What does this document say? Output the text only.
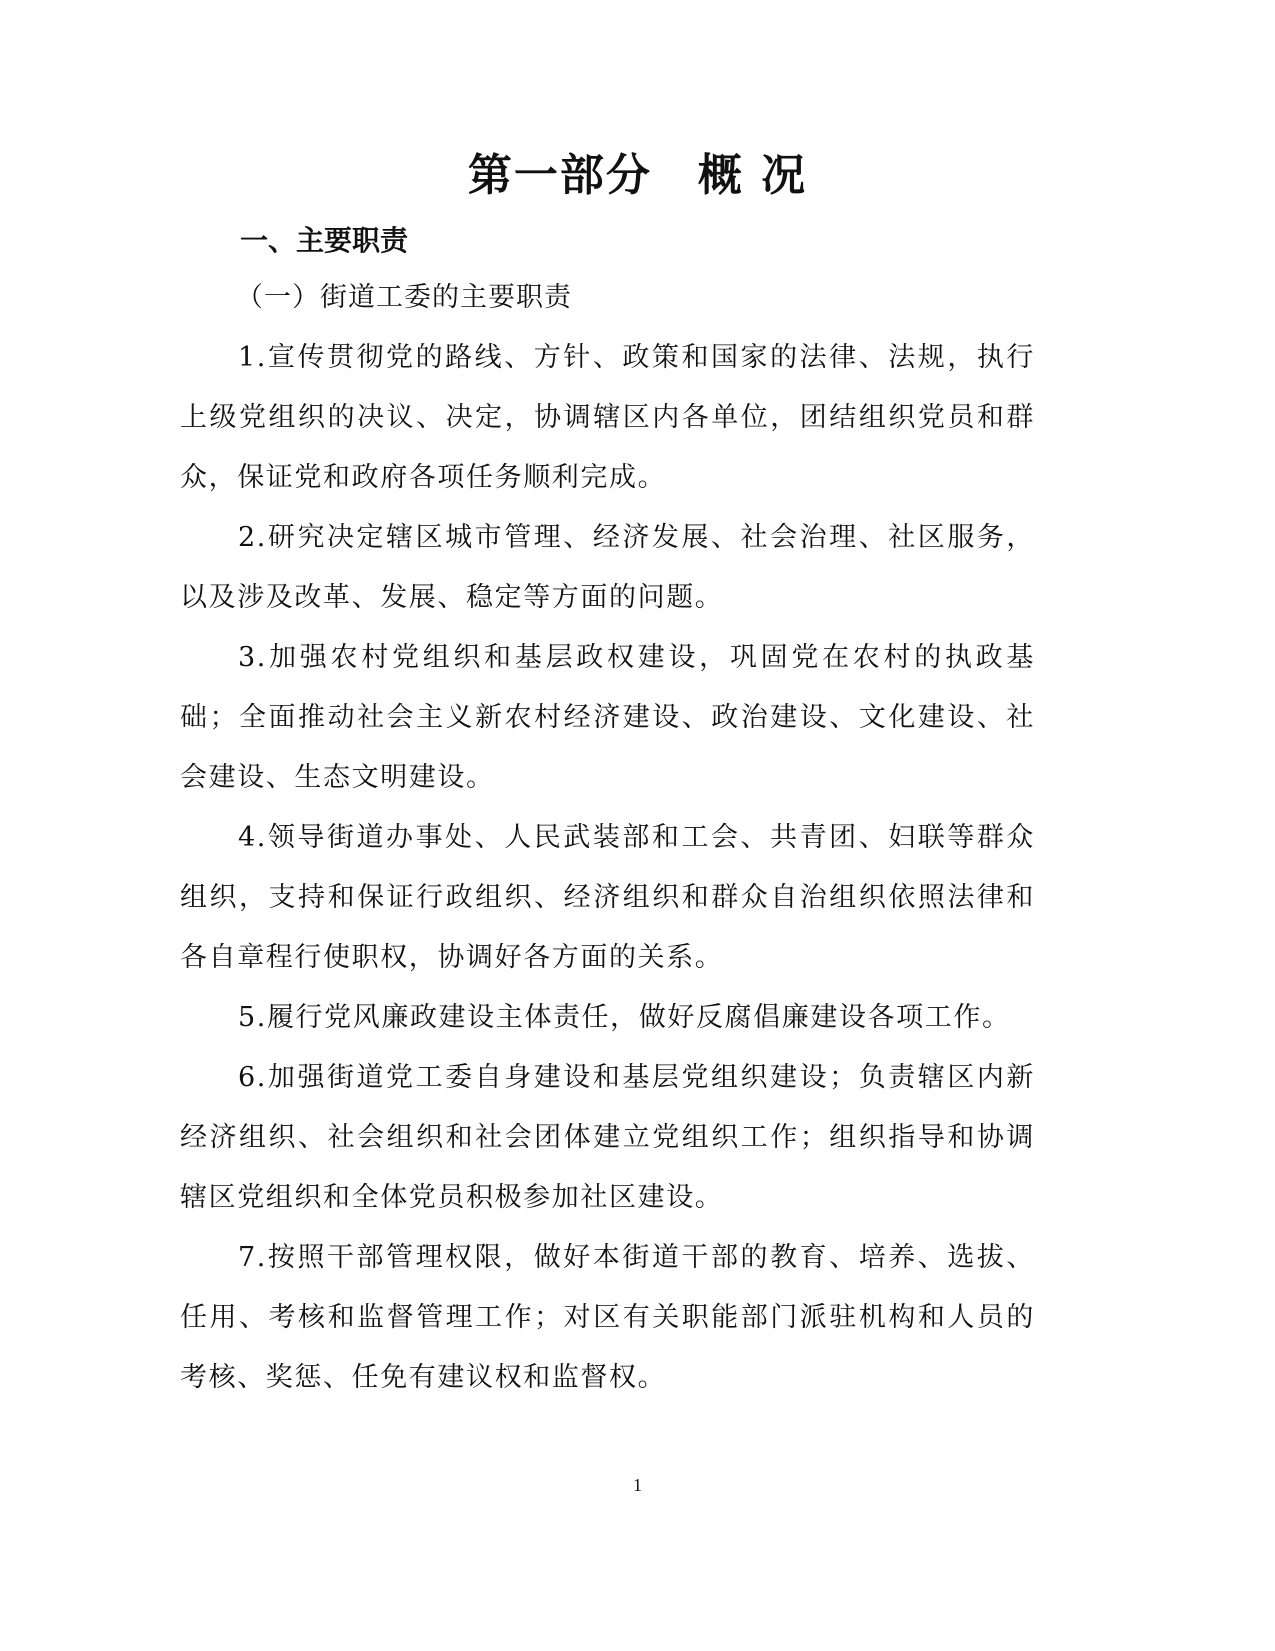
第一部分　概 况
一、主要职责
（一）街道工委的主要职责

1.宣传贯彻党的路线、方针、政策和国家的法律、法规，执行上级党组织的决议、决定，协调辖区内各单位，团结组织党员和群众，保证党和政府各项任务顺利完成。

2.研究决定辖区城市管理、经济发展、社会治理、社区服务，以及涉及改革、发展、稳定等方面的问题。

3.加强农村党组织和基层政权建设，巩固党在农村的执政基础；全面推动社会主义新农村经济建设、政治建设、文化建设、社会建设、生态文明建设。

4.领导街道办事处、人民武装部和工会、共青团、妇联等群众组织，支持和保证行政组织、经济组织和群众自治组织依照法律和各自章程行使职权，协调好各方面的关系。

5.履行党风廉政建设主体责任，做好反腐倡廉建设各项工作。

6.加强街道党工委自身建设和基层党组织建设；负责辖区内新经济组织、社会组织和社会团体建立党组织工作；组织指导和协调辖区党组织和全体党员积极参加社区建设。

7.按照干部管理权限，做好本街道干部的教育、培养、选拔、任用、考核和监督管理工作；对区有关职能部门派驻机构和人员的考核、奖惩、任免有建议权和监督权。

1
